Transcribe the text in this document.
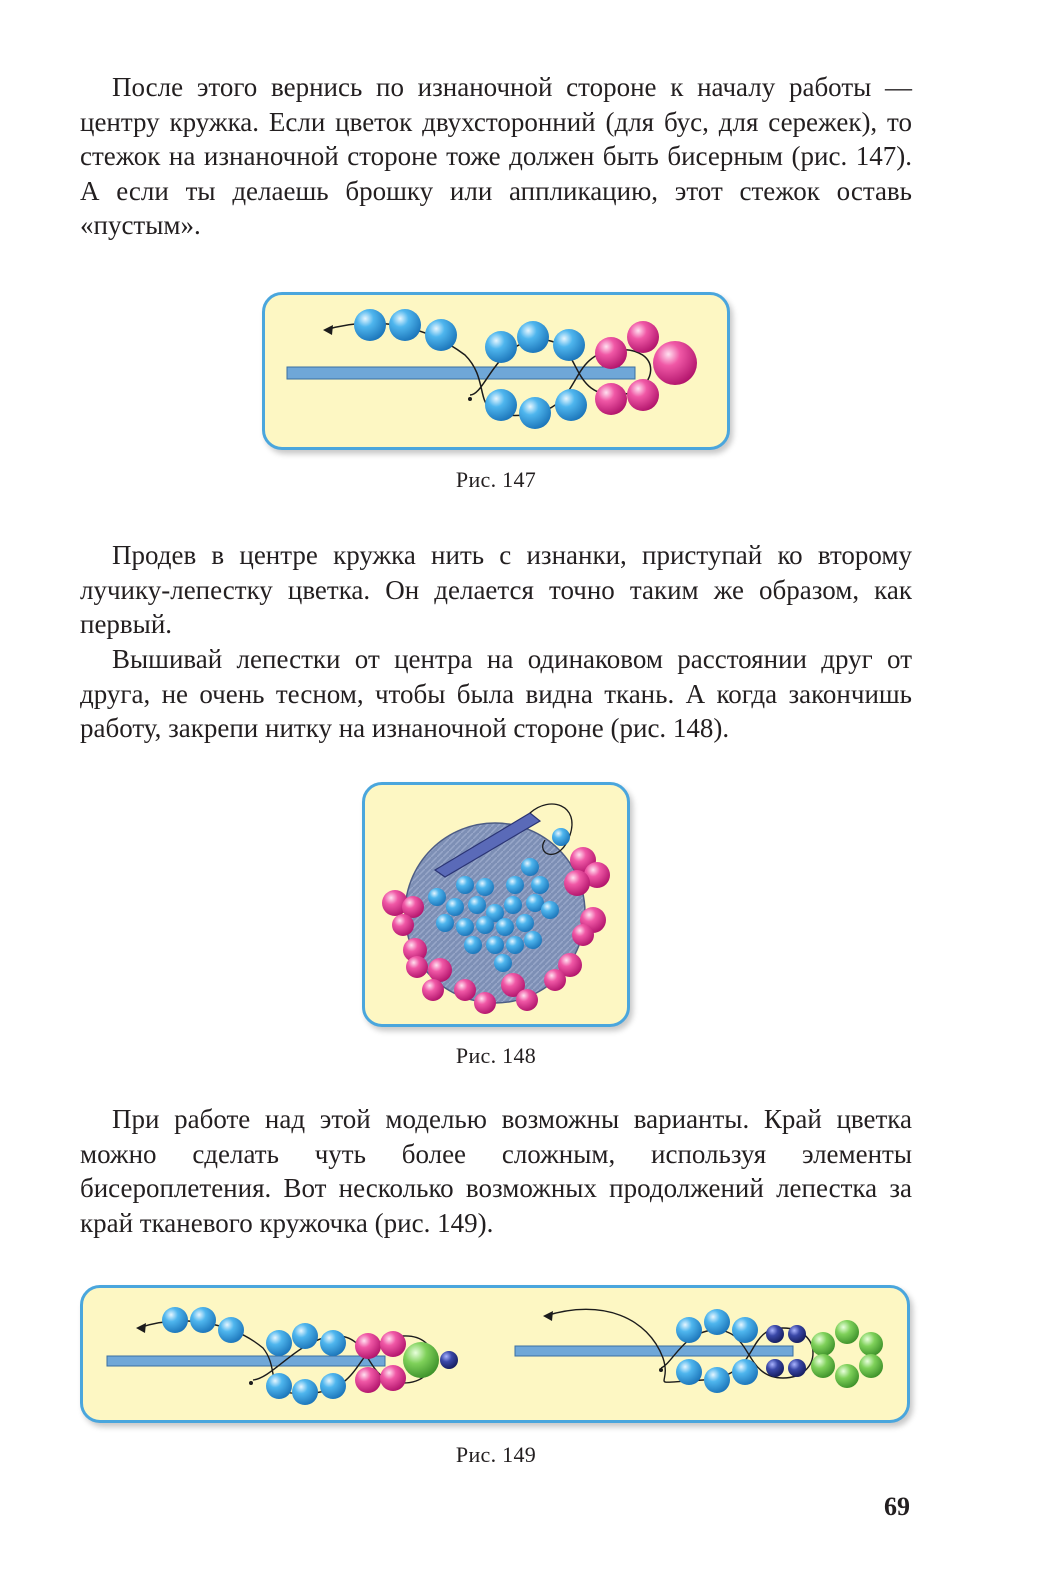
После этого вернись по изнаночной стороне к началу работы — центру кружка. Если цветок двухсторонний (для бус, для сережек), то стежок на изнаночной стороне тоже должен быть бисерным (рис. 147). А если ты делаешь брошку или аппликацию, этот стежок оставь «пустым».

Рис. 147

Продев в центре кружка нить с изнанки, приступай ко второму лучику-лепестку цветка. Он делается точно таким же образом, как первый.

Вышивай лепестки от центра на одинаковом расстоянии друг от друга, не очень тесном, чтобы была видна ткань. А когда закончишь работу, закрепи нитку на изнаночной стороне (рис. 148).

Рис. 148

При работе над этой моделью возможны варианты. Край цветка можно сделать чуть более сложным, используя элементы бисероплетения. Вот несколько возможных продолжений лепестка за край тканевого кружочка (рис. 149).

Рис. 149
69
